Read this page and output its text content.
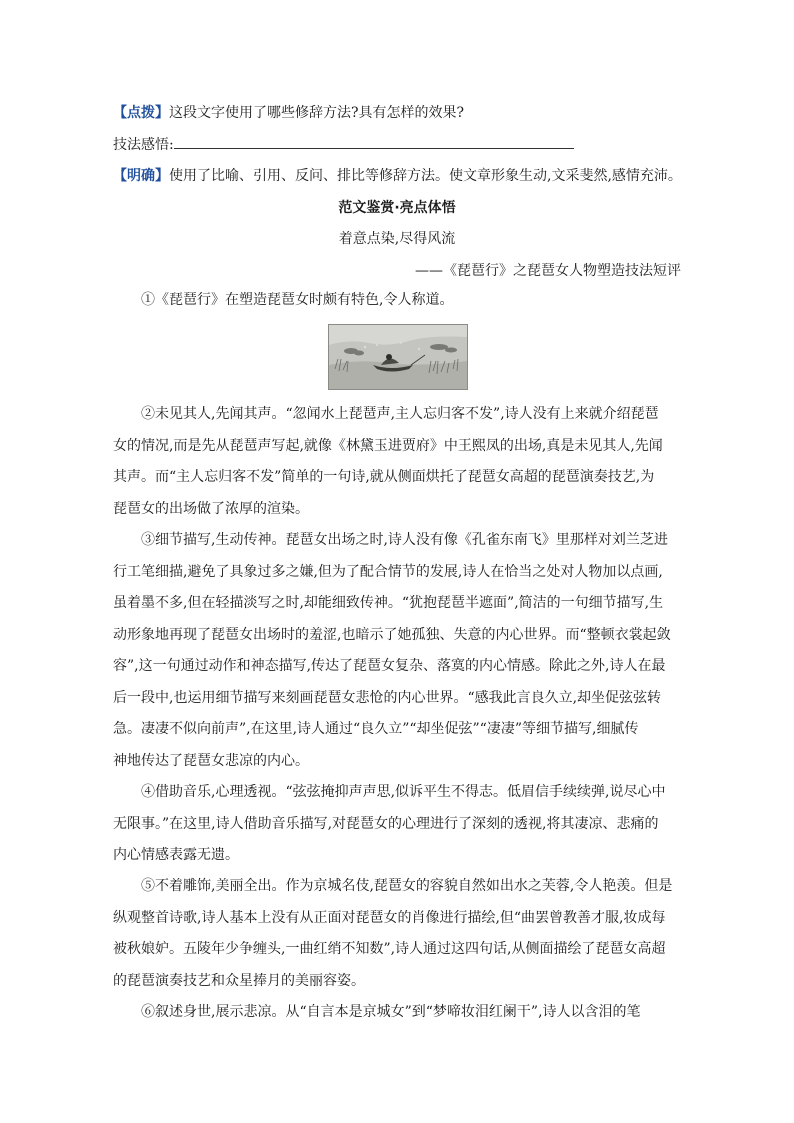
【点拨】这段文字使用了哪些修辞方法?具有怎样的效果?
技法感悟:
【明确】使用了比喻、引用、反问、排比等修辞方法。使文章形象生动,文采斐然,感情充沛。
范文鉴赏·亮点体悟
着意点染,尽得风流
——《琵琶行》之琵琶女人物塑造技法短评
①《琵琶行》在塑造琵琶女时颇有特色,令人称道。
②未见其人,先闻其声。“忽闻水上琵琶声,主人忘归客不发”,诗人没有上来就介绍琵琶
女的情况,而是先从琵琶声写起,就像《林黛玉进贾府》中王熙凤的出场,真是未见其人,先闻
其声。而“主人忘归客不发”简单的一句诗,就从侧面烘托了琵琶女高超的琵琶演奏技艺,为
琵琶女的出场做了浓厚的渲染。
③细节描写,生动传神。琵琶女出场之时,诗人没有像《孔雀东南飞》里那样对刘兰芝进
行工笔细描,避免了具象过多之嫌,但为了配合情节的发展,诗人在恰当之处对人物加以点画,
虽着墨不多,但在轻描淡写之时,却能细致传神。“犹抱琵琶半遮面”,简洁的一句细节描写,生
动形象地再现了琵琶女出场时的羞涩,也暗示了她孤独、失意的内心世界。而“整顿衣裳起敛
容”,这一句通过动作和神态描写,传达了琵琶女复杂、落寞的内心情感。除此之外,诗人在最
后一段中,也运用细节描写来刻画琵琶女悲怆的内心世界。“感我此言良久立,却坐促弦弦转
急。凄凄不似向前声”,在这里,诗人通过“良久立”“却坐促弦”“凄凄”等细节描写,细腻传
神地传达了琵琶女悲凉的内心。
④借助音乐,心理透视。“弦弦掩抑声声思,似诉平生不得志。低眉信手续续弹,说尽心中
无限事。”在这里,诗人借助音乐描写,对琵琶女的心理进行了深刻的透视,将其凄凉、悲痛的
内心情感表露无遗。
⑤不着雕饰,美丽全出。作为京城名伎,琵琶女的容貌自然如出水之芙蓉,令人艳羡。但是
纵观整首诗歌,诗人基本上没有从正面对琵琶女的肖像进行描绘,但“曲罢曾教善才服,妆成每
被秋娘妒。五陵年少争缠头,一曲红绡不知数”,诗人通过这四句话,从侧面描绘了琵琶女高超
的琵琶演奏技艺和众星捧月的美丽容姿。
⑥叙述身世,展示悲凉。从“自言本是京城女”到“梦啼妆泪红阑干”,诗人以含泪的笔
